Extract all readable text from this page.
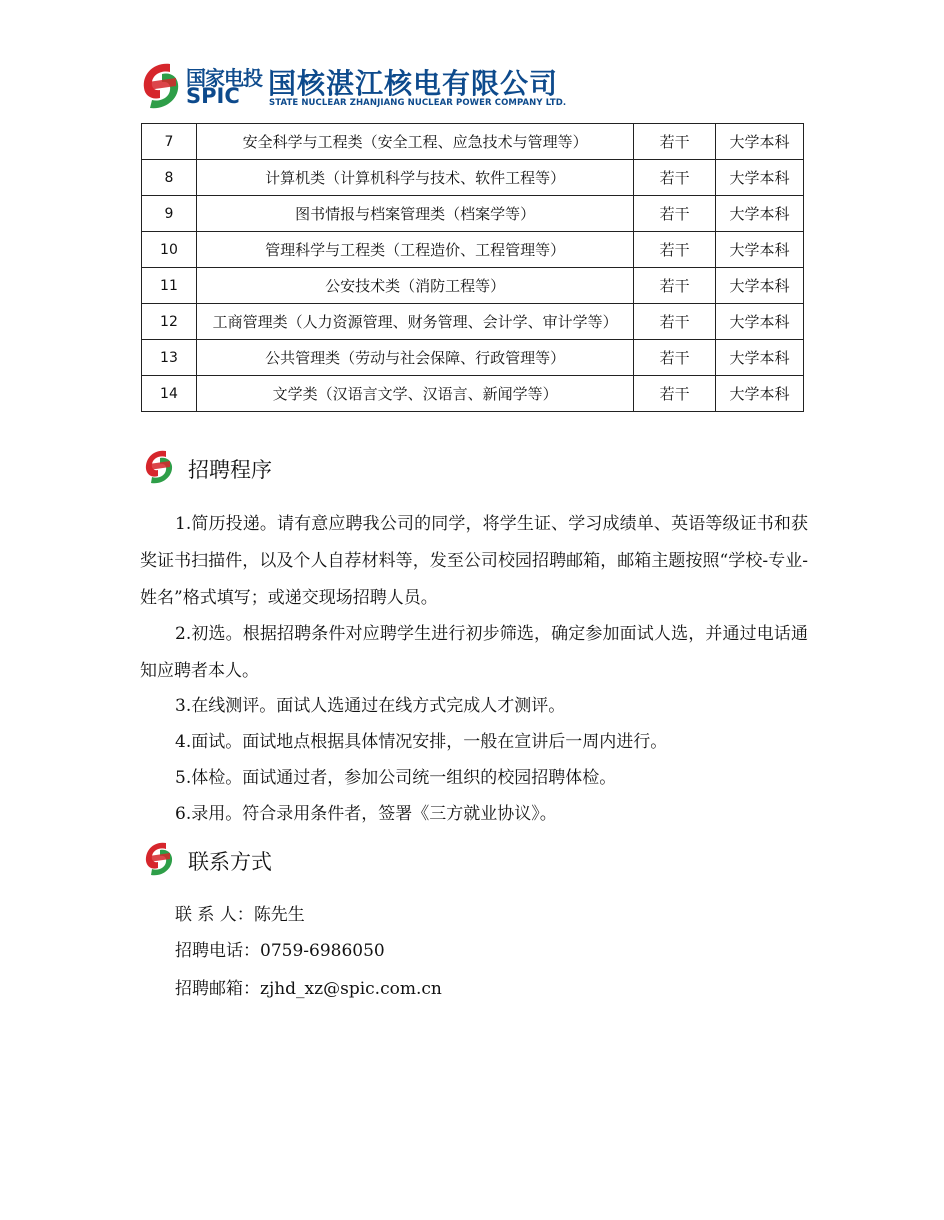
国家电投
SPIC 国核湛江核电有限公司
STATE NUCLEAR ZHANJIANG NUCLEAR POWER COMPANY LTD.
7	安全科学与工程类（安全工程、应急技术与管理等）	若干	大学本科
8	计算机类（计算机科学与技术、软件工程等）	若干	大学本科
9	图书情报与档案管理类（档案学等）	若干	大学本科
10	管理科学与工程类（工程造价、工程管理等）	若干	大学本科
11	公安技术类（消防工程等）	若干	大学本科
12	工商管理类（人力资源管理、财务管理、会计学、审计学等）	若干	大学本科
13	公共管理类（劳动与社会保障、行政管理等）	若干	大学本科
14	文学类（汉语言文学、汉语言、新闻学等）	若干	大学本科
招聘程序

1.简历投递。请有意应聘我公司的同学，将学生证、学习成绩单、英语等级证书和获奖证书扫描件，以及个人自荐材料等，发至公司校园招聘邮箱，邮箱主题按照“学校-专业-姓名”格式填写；或递交现场招聘人员。

2.初选。根据招聘条件对应聘学生进行初步筛选，确定参加面试人选，并通过电话通知应聘者本人。

3.在线测评。面试人选通过在线方式完成人才测评。

4.面试。面试地点根据具体情况安排，一般在宣讲后一周内进行。

5.体检。面试通过者，参加公司统一组织的校园招聘体检。

6.录用。符合录用条件者，签署《三方就业协议》。

联系方式
联 系 人：陈先生
招聘电话：0759-6986050
招聘邮箱：zjhd_xz@spic.com.cn
